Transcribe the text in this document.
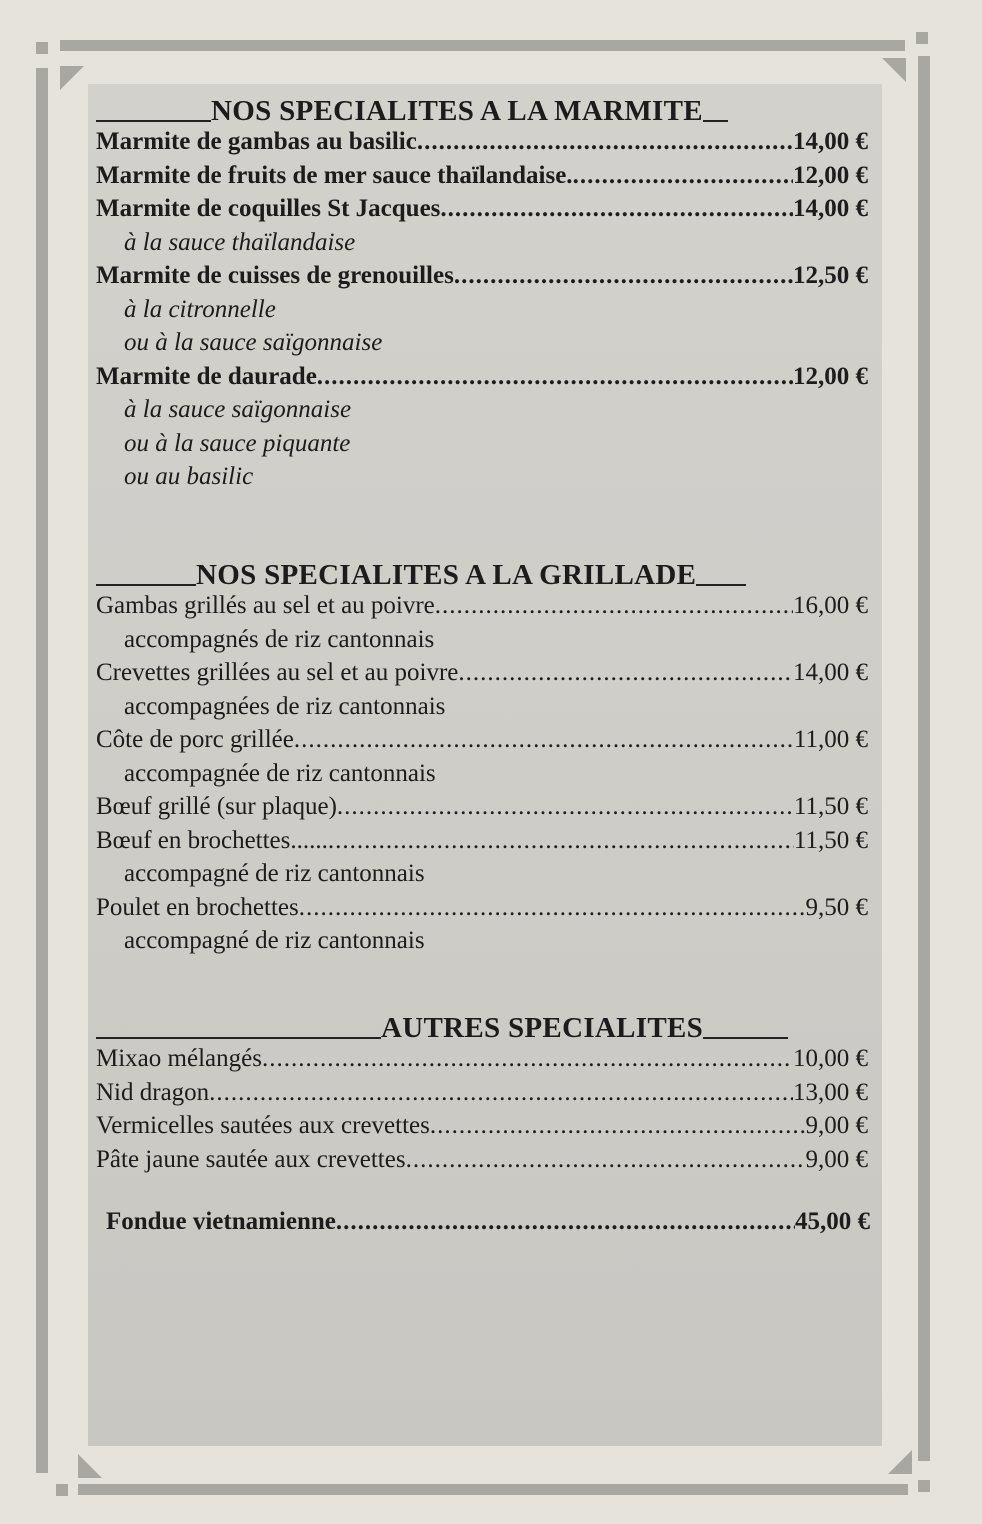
NOS SPECIALITES A LA MARMITE
Marmite de gambas au basilic .....	14,00 €
Marmite de fruits de mer sauce thaïlandaise. .....	12,00 €
Marmite de coquilles St Jacques .....	14,00 €
à la sauce thaïlandaise
Marmite de cuisses de grenouilles .....	12,50 €
à la citronnelle
ou à la sauce saïgonnaise
Marmite de daurade .....	12,00 €
à la sauce saïgonnaise
ou à la sauce piquante
ou au basilic
NOS SPECIALITES A LA GRILLADE
Gambas grillés au sel et au poivre .....	16,00 €
accompagnés de riz cantonnais
Crevettes grillées au sel et au poivre .....	14,00 €
accompagnées de riz cantonnais
Côte de porc grillée .....	11,00 €
accompagnée de riz cantonnais
Bœuf grillé (sur plaque) .....	11,50 €
Bœuf en brochettes...... .....	11,50 €
accompagné de riz cantonnais
Poulet en brochettes .....	9,50 €
accompagné de riz cantonnais
AUTRES SPECIALITES
Mixao mélangés .....	10,00 €
Nid dragon .....	13,00 €
Vermicelles sautées aux crevettes .....	9,00 €
Pâte jaune sautée aux crevettes .....	9,00 €
Fondue vietnamienne .....	45,00 €
